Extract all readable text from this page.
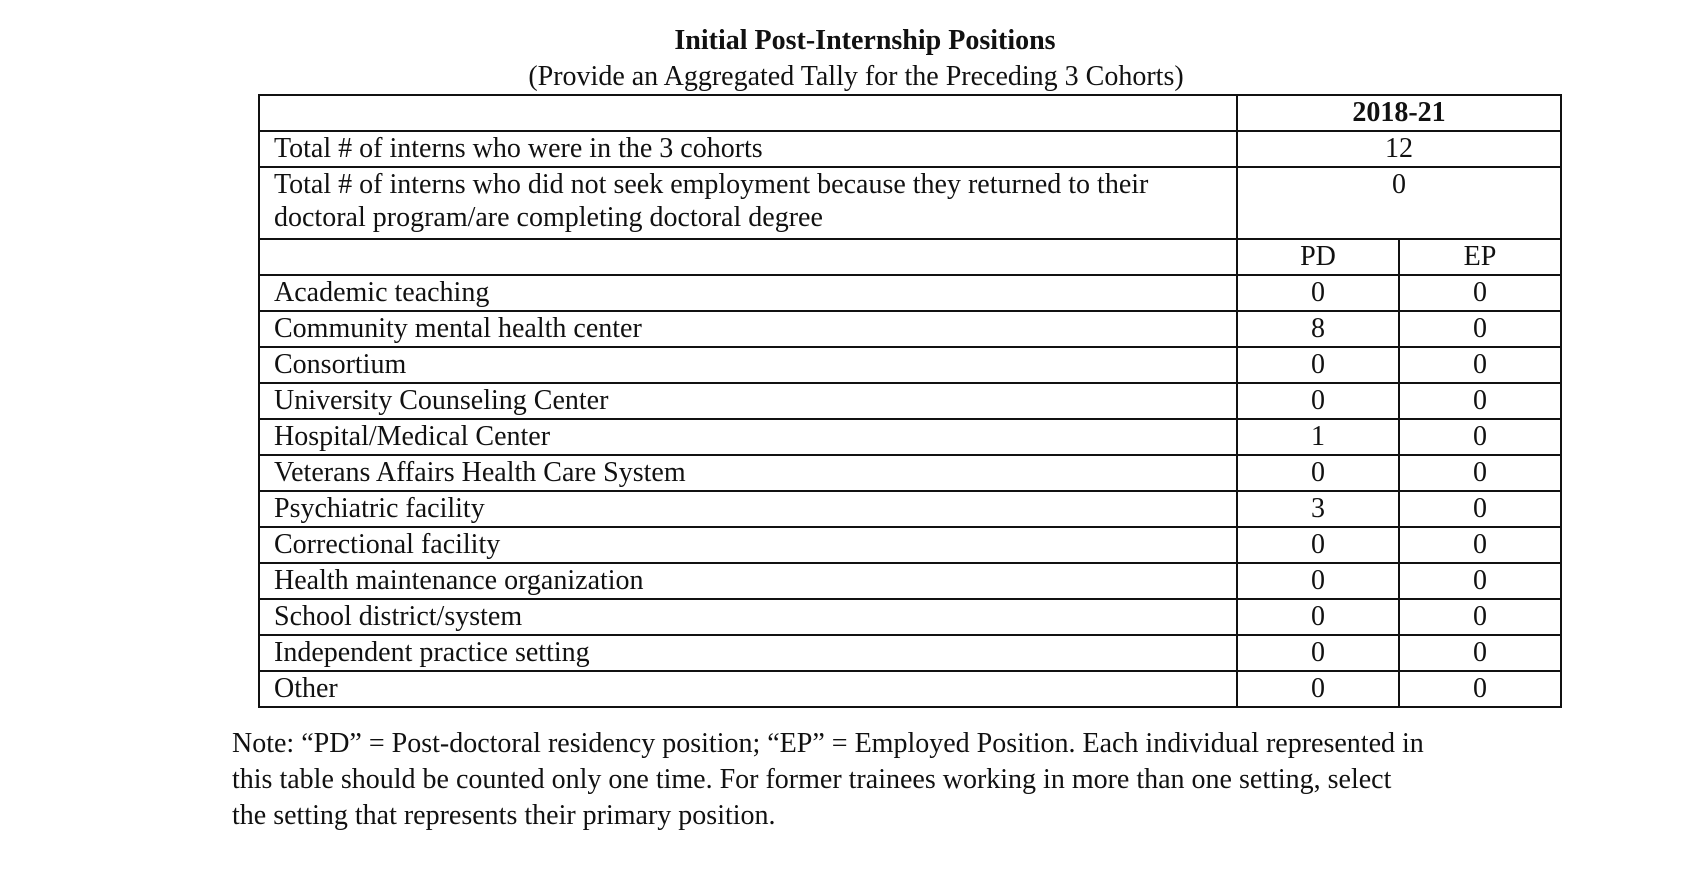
Initial Post-Internship Positions
(Provide an Aggregated Tally for the Preceding 3 Cohorts)
	2018-21	
Total # of interns who were in the 3 cohorts	12	
Total # of interns who did not seek employment because they returned to their doctoral program/are completing doctoral degree	0	
	PD	EP
Academic teaching	0	0
Community mental health center	8	0
Consortium	0	0
University Counseling Center	0	0
Hospital/Medical Center	1	0
Veterans Affairs Health Care System	0	0
Psychiatric facility	3	0
Correctional facility	0	0
Health maintenance organization	0	0
School district/system	0	0
Independent practice setting	0	0
Other	0	0
Note: “PD” = Post-doctoral residency position; “EP” = Employed Position. Each individual represented in this table should be counted only one time. For former trainees working in more than one setting, select the setting that represents their primary position.
